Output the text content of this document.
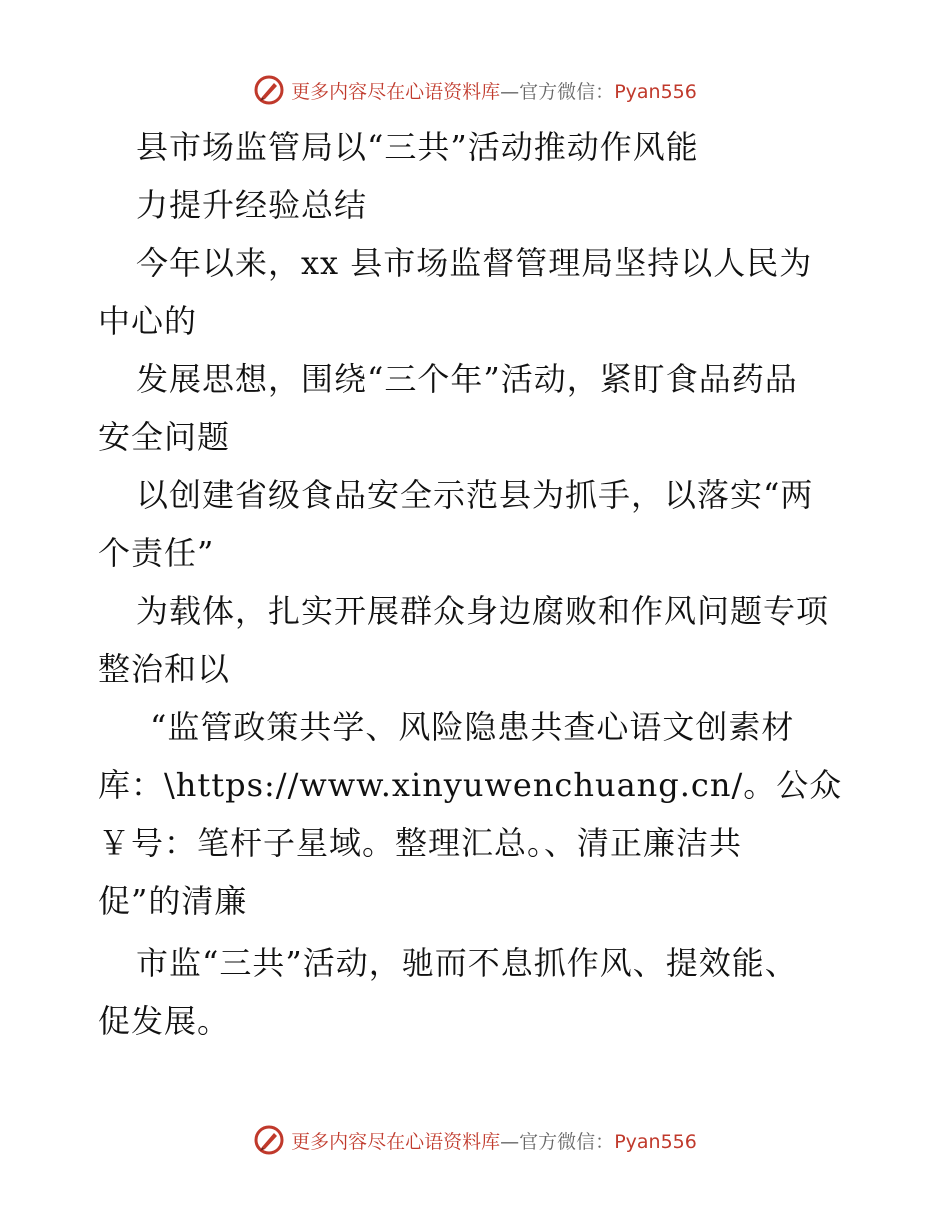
更多内容尽在心语资料库—官方微信：Pyan556
县市场监管局以“三共”活动推动作风能
力提升经验总结
今年以来，xx 县市场监督管理局坚持以人民为
中心的
发展思想，围绕“三个年”活动，紧盯食品药品
安全问题
以创建省级食品安全示范县为抓手，以落实“两
个责任”
为载体，扎实开展群众身边腐败和作风问题专项
整治和以
“监管政策共学、风险隐患共查心语文创素材
库：\https://www.xinyuwenchuang.cn/。公众
￥号：笔杆子星域。整理汇总。、清正廉洁共
促”的清廉
市监“三共”活动，驰而不息抓作风、提效能、
促发展。
更多内容尽在心语资料库—官方微信：Pyan556
